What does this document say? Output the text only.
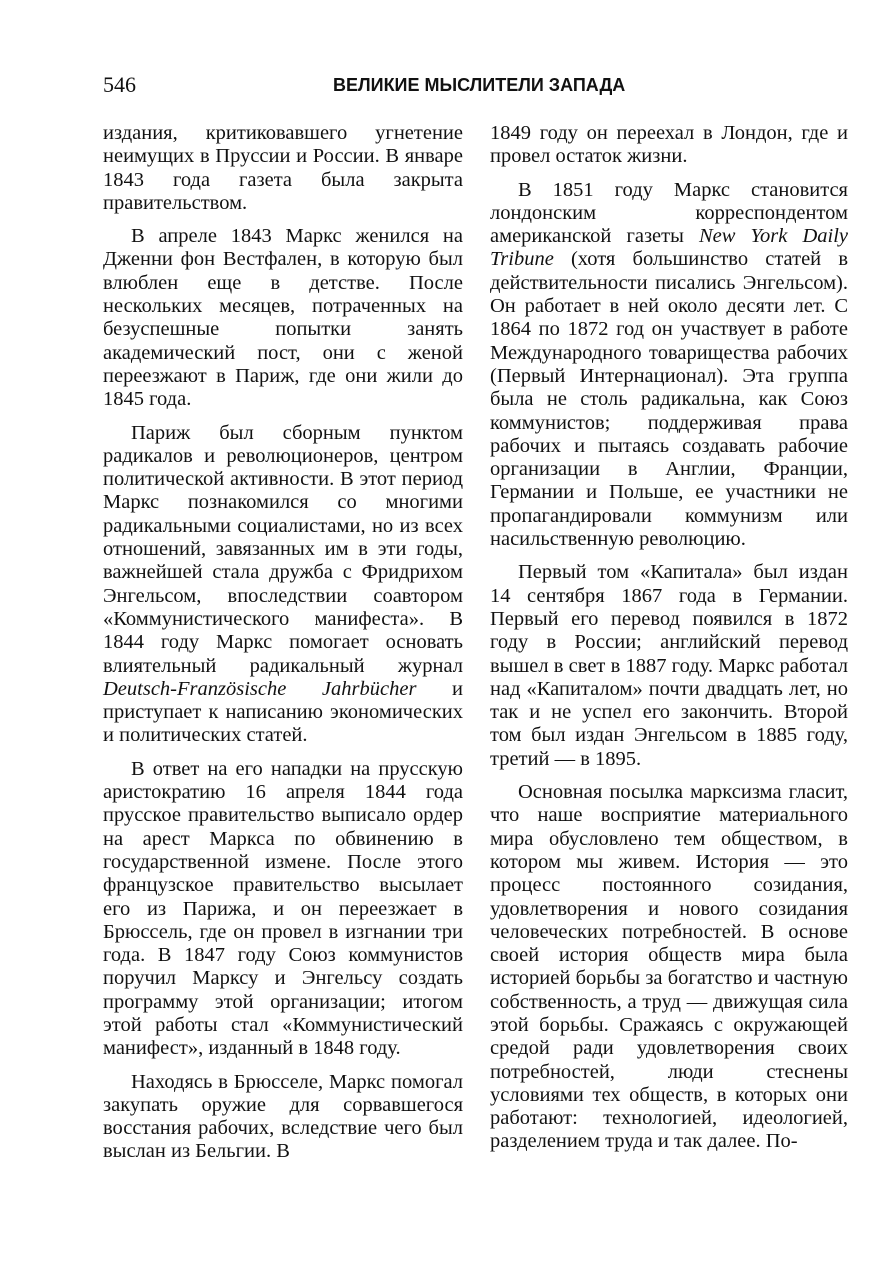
546	ВЕЛИКИЕ МЫСЛИТЕЛИ ЗАПАДА

издания, критиковавшего угнетение неимущих в Пруссии и России. В январе 1843 года газета была закрыта правительством.

В апреле 1843 Маркс женился на Дженни фон Вестфален, в которую был влюблен еще в детстве. После нескольких месяцев, потраченных на безуспешные попытки занять академический пост, они с женой переезжают в Париж, где они жили до 1845 года.

Париж был сборным пунктом радикалов и революционеров, центром политической активности. В этот период Маркс познакомился со многими радикальными социалистами, но из всех отношений, завязанных им в эти годы, важнейшей стала дружба с Фридрихом Энгельсом, впоследствии соавтором «Коммунистического манифеста». В 1844 году Маркс помогает основать влиятельный радикальный журнал Deutsch-Französische Jahrbücher и приступает к написанию экономических и политических статей.

В ответ на его нападки на прусскую аристократию 16 апреля 1844 года прусское правительство выписало ордер на арест Маркса по обвинению в государственной измене. После этого французское правительство высылает его из Парижа, и он переезжает в Брюссель, где он провел в изгнании три года. В 1847 году Союз коммунистов поручил Марксу и Энгельсу создать программу этой организации; итогом этой работы стал «Коммунистический манифест», изданный в 1848 году.

Находясь в Брюсселе, Маркс помогал закупать оружие для сорвавшегося восстания рабочих, вследствие чего был выслан из Бельгии. В

1849 году он переехал в Лондон, где и провел остаток жизни.

В 1851 году Маркс становится лондонским корреспондентом американской газеты New York Daily Tribune (хотя большинство статей в действительности писались Энгельсом). Он работает в ней около десяти лет. С 1864 по 1872 год он участвует в работе Международного товарищества рабочих (Первый Интернационал). Эта группа была не столь радикальна, как Союз коммунистов; поддерживая права рабочих и пытаясь создавать рабочие организации в Англии, Франции, Германии и Польше, ее участники не пропагандировали коммунизм или насильственную революцию.

Первый том «Капитала» был издан 14 сентября 1867 года в Германии. Первый его перевод появился в 1872 году в России; английский перевод вышел в свет в 1887 году. Маркс работал над «Капиталом» почти двадцать лет, но так и не успел его закончить. Второй том был издан Энгельсом в 1885 году, третий — в 1895.

Основная посылка марксизма гласит, что наше восприятие материального мира обусловлено тем обществом, в котором мы живем. История — это процесс постоянного созидания, удовлетворения и нового созидания человеческих потребностей. В основе своей история обществ мира была историей борьбы за богатство и частную собственность, а труд — движущая сила этой борьбы. Сражаясь с окружающей средой ради удовлетворения своих потребностей, люди стеснены условиями тех обществ, в которых они работают: технологией, идеологией, разделением труда и так далее. По-
